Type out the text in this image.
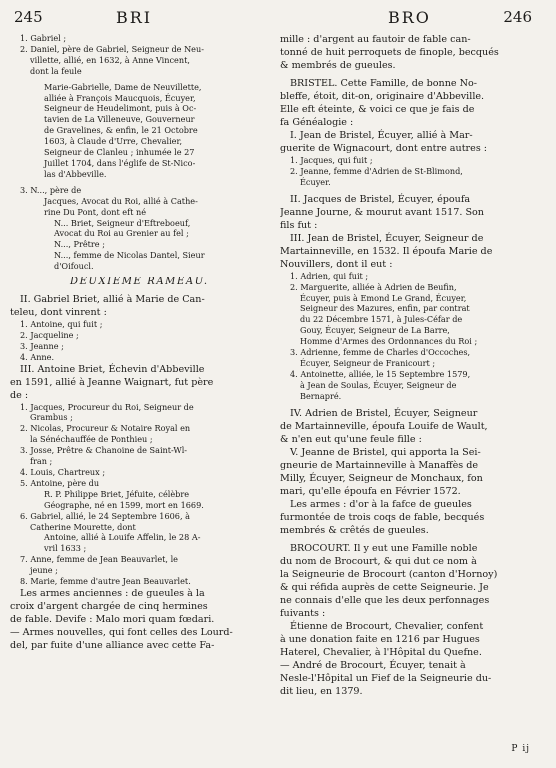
245	BRI	BRO	246
1. Gabriel ;
2. Daniel, père de Gabriel, Seigneur de Neu-
villette, allié, en 1632, à Anne Vincent,
dont la feule
Marie-Gabrielle, Dame de Neuvillette,
alliée à François Maucquois, Écuyer,
Seigneur de Heudelimont, puis à Oc-
tavien de La Villeneuve, Gouverneur
de Gravelines, & enfin, le 21 Octobre
1603, à Claude d'Urre, Chevalier,
Seigneur de Clanleu ; inhumée le 27
Juillet 1704, dans l'églife de St-Nico-
las d'Abbeville.
3. N..., père de
Jacques, Avocat du Roi, allié à Cathe-
rine Du Pont, dont eft né
N... Briet, Seigneur d'Eftreboeuf,
Avocat du Roi au Grenier au fel ;
N..., Prêtre ;
N..., femme de Nicolas Dantel, Sieur
d'Oifoucl.
DEUXIEME RAMEAU.
II. Gabriel Briet, allié à Marie de Can-
teleu, dont vinrent :
1. Antoine, qui fuit ;
2. Jacqueline ;
3. Jeanne ;
4. Anne.
III. Antoine Briet, Échevin d'Abbeville
en 1591, allié à Jeanne Waignart, fut père
de :
1. Jacques, Procureur du Roi, Seigneur de
Grambus ;
2. Nicolas, Procureur & Notaire Royal en
la Sénéchauffée de Ponthieu ;
3. Josse, Prêtre & Chanoine de Saint-Wl-
fran ;
4. Louis, Chartreux ;
5. Antoine, père du
R. P. Philippe Briet, Jéfuite, célèbre
Géographe, né en 1599, mort en 1669.
6. Gabriel, allié, le 24 Septembre 1606, à
Catherine Mourette, dont
Antoine, allié à Louife Affelin, le 28 A-
vril 1633 ;
7. Anne, femme de Jean Beauvarlet, le
jeune ;
8. Marie, femme d'autre Jean Beauvarlet.
Les armes anciennes : de gueules à la
croix d'argent chargée de cinq hermines
de fable. Devife : Malo mori quam fœdari.
— Armes nouvelles, qui font celles des Lourd-
del, par fuite d'une alliance avec cette Fa-
mille : d'argent au fautoir de fable can-
tonné de huit perroquets de finople, becqués
& membrés de gueules.
BRISTEL. Cette Famille, de bonne No-
bleffe, étoit, dit-on, originaire d'Abbeville.
Elle eft éteinte, & voici ce que je fais de
fa Généalogie :
I. Jean de Bristel, Écuyer, allié à Mar-
guerite de Wignacourt, dont entre autres :
1. Jacques, qui fuit ;
2. Jeanne, femme d'Adrien de St-Blimond,
Écuyer.
II. Jacques de Bristel, Écuyer, époufa
Jeanne Journe, & mourut avant 1517. Son
fils fut :
III. Jean de Bristel, Écuyer, Seigneur de
Martainneville, en 1532. Il époufa Marie de
Nouvillers, dont il eut :
1. Adrien, qui fuit ;
2. Marguerite, alliée à Adrien de Beufin,
Écuyer, puis à Emond Le Grand, Écuyer,
Seigneur des Mazures, enfin, par contrat
du 22 Décembre 1571, à Jules-Céfar de
Gouy, Écuyer, Seigneur de La Barre,
Homme d'Armes des Ordonnances du Roi ;
3. Adrienne, femme de Charles d'Occoches,
Écuyer, Seigneur de Franicourt ;
4. Antoinette, alliée, le 15 Septembre 1579,
à Jean de Soulas, Écuyer, Seigneur de
Bernapré.
IV. Adrien de Bristel, Écuyer, Seigneur
de Martainneville, époufa Louife de Wault,
& n'en eut qu'une feule fille :
V. Jeanne de Bristel, qui apporta la Sei-
gneurie de Martainneville à Manaffès de
Milly, Écuyer, Seigneur de Monchaux, fon
mari, qu'elle époufa en Février 1572.
Les armes : d'or à la fafce de gueules
furmontée de trois coqs de fable, becqués
membrés & crêtés de gueules.
BROCOURT. Il y eut une Famille noble
du nom de Brocourt, & qui dut ce nom à
la Seigneurie de Brocourt (canton d'Hornoy)
& qui réfida auprès de cette Seigneurie. Je
ne connais d'elle que les deux perfonnages
fuivants :
Étienne de Brocourt, Chevalier, confent
à une donation faite en 1216 par Hugues
Haterel, Chevalier, à l'Hôpital du Quefne.
— André de Brocourt, Écuyer, tenait à
Nesle-l'Hôpital un Fief de la Seigneurie du-
dit lieu, en 1379.
P ij
